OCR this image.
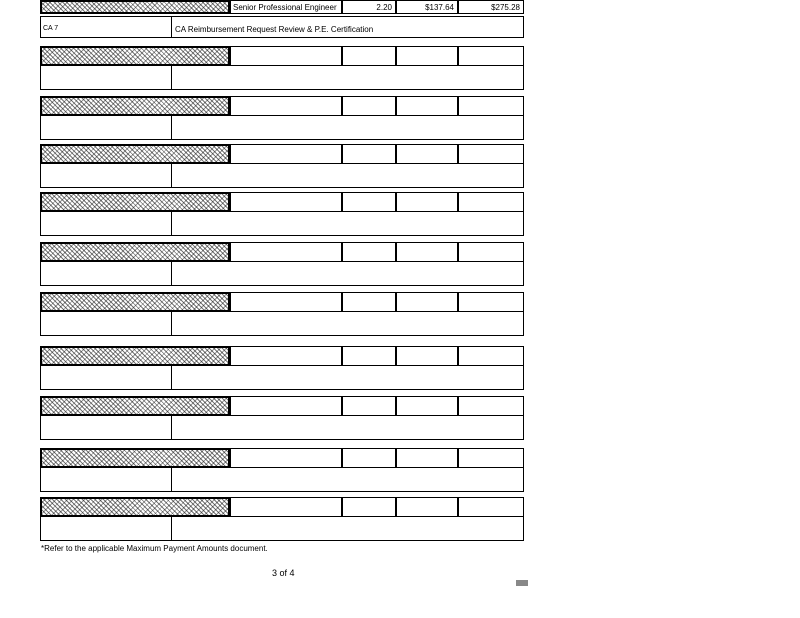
Senior Professional Engineer	2.20	$137.64	$275.28
CA 7	CA Reimbursement Request Review & P.E. Certification
*Refer to the applicable Maximum Payment Amounts document.
3 of 4
